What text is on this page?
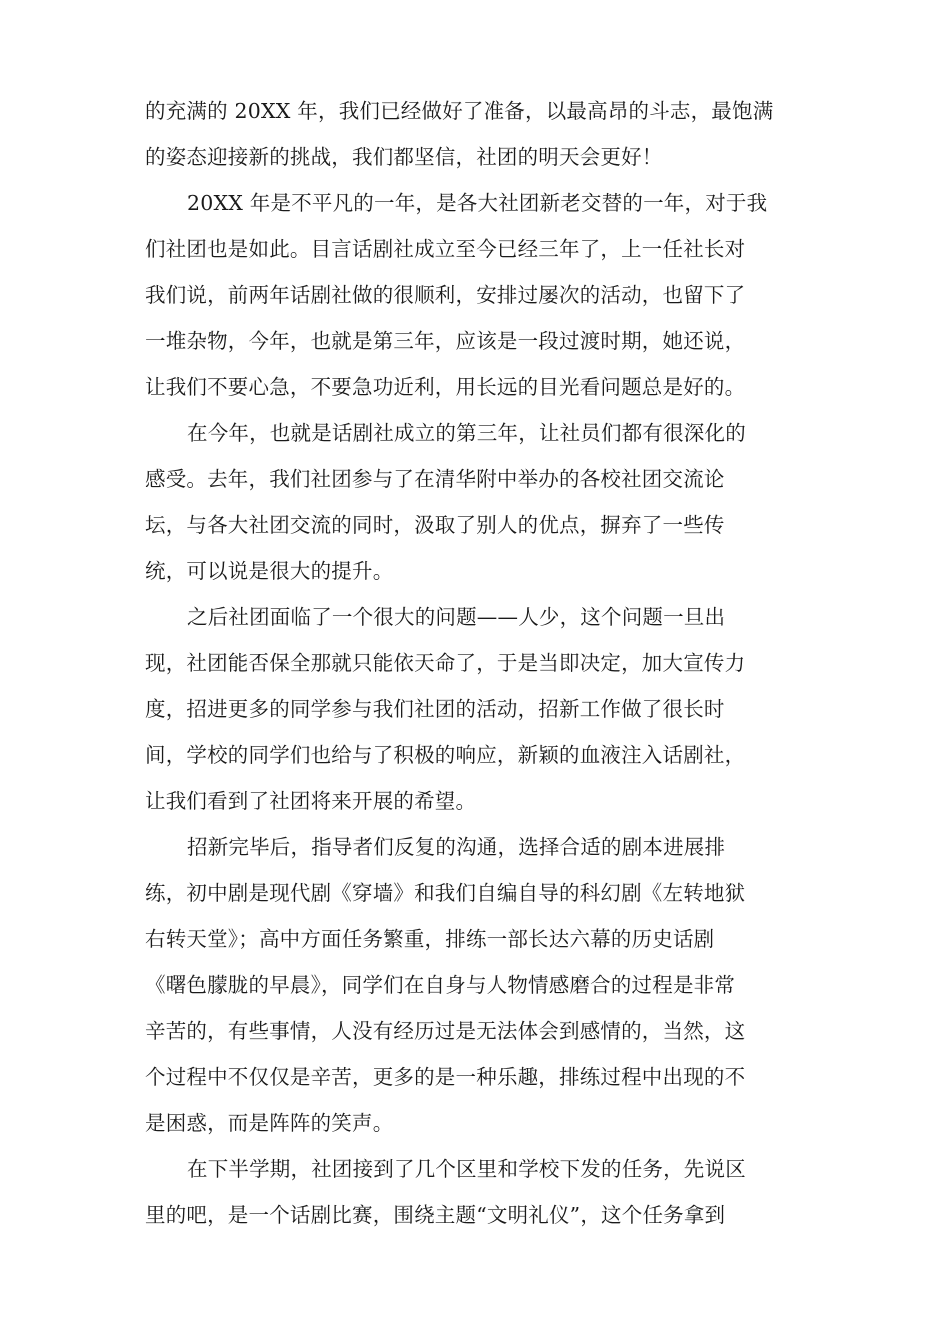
的充满的 20XX 年，我们已经做好了准备，以最高昂的斗志，最饱满
的姿态迎接新的挑战，我们都坚信，社团的明天会更好！
20XX 年是不平凡的一年，是各大社团新老交替的一年，对于我
们社团也是如此。目言话剧社成立至今已经三年了，上一任社长对
我们说，前两年话剧社做的很顺利，安排过屡次的活动，也留下了
一堆杂物，今年，也就是第三年，应该是一段过渡时期，她还说，
让我们不要心急，不要急功近利，用长远的目光看问题总是好的。
在今年，也就是话剧社成立的第三年，让社员们都有很深化的
感受。去年，我们社团参与了在清华附中举办的各校社团交流论
坛，与各大社团交流的同时，汲取了别人的优点，摒弃了一些传
统，可以说是很大的提升。
之后社团面临了一个很大的问题——人少，这个问题一旦出
现，社团能否保全那就只能依天命了，于是当即决定，加大宣传力
度，招进更多的同学参与我们社团的活动，招新工作做了很长时
间，学校的同学们也给与了积极的响应，新颖的血液注入话剧社，
让我们看到了社团将来开展的希望。
招新完毕后，指导者们反复的沟通，选择合适的剧本进展排
练，初中剧是现代剧《穿墙》和我们自编自导的科幻剧《左转地狱
右转天堂》；高中方面任务繁重，排练一部长达六幕的历史话剧
《曙色朦胧的早晨》，同学们在自身与人物情感磨合的过程是非常
辛苦的，有些事情，人没有经历过是无法体会到感情的，当然，这
个过程中不仅仅是辛苦，更多的是一种乐趣，排练过程中出现的不
是困惑，而是阵阵的笑声。
在下半学期，社团接到了几个区里和学校下发的任务，先说区
里的吧，是一个话剧比赛，围绕主题“文明礼仪”，这个任务拿到
